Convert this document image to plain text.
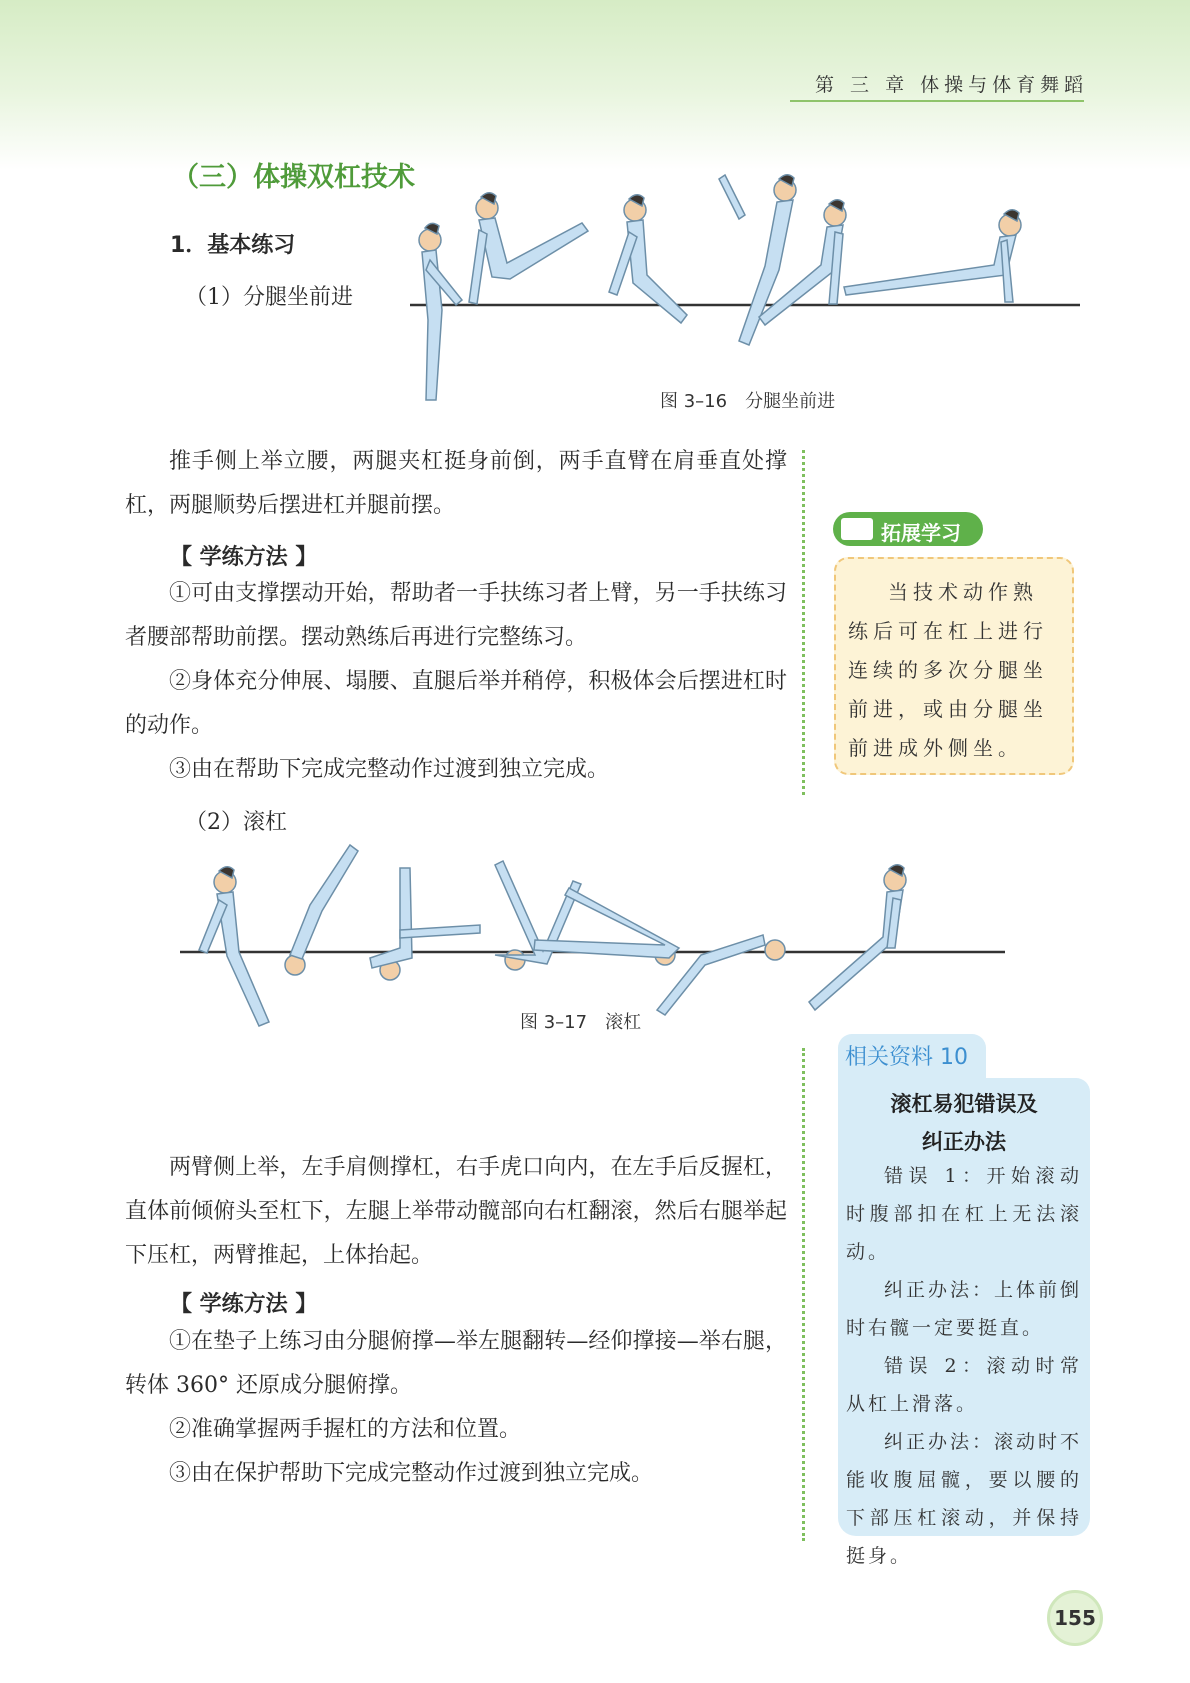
第 三 章 体操与体育舞蹈
（三）体操双杠技术
1．基本练习
（1）分腿坐前进
图 3–16　分腿坐前进

推手侧上举立腰，两腿夹杠挺身前倒，两手直臂在肩垂直处撑杠，两腿顺势后摆进杠并腿前摆。

【 学练方法 】

①可由支撑摆动开始，帮助者一手扶练习者上臂，另一手扶练习者腰部帮助前摆。摆动熟练后再进行完整练习。

②身体充分伸展、塌腰、直腿后举并稍停，积极体会后摆进杠时的动作。

③由在帮助下完成完整动作过渡到独立完成。

（2）滚杠
图 3–17　滚杠

两臂侧上举，左手肩侧撑杠，右手虎口向内，在左手后反握杠，直体前倾俯头至杠下，左腿上举带动髋部向右杠翻滚，然后右腿举起下压杠，两臂推起，上体抬起。

【 学练方法 】

①在垫子上练习由分腿俯撑—举左腿翻转—经仰撑接—举右腿，转体 360° 还原成分腿俯撑。

②准确掌握两手握杠的方法和位置。

③由在保护帮助下完成完整动作过渡到独立完成。

拓展学习
当技术动作熟练后可在杠上进行连续的多次分腿坐前进，或由分腿坐前进成外侧坐。
相关资料 10
滚杠易犯错误及
纠正办法

错误 1：开始滚动时腹部扣在杠上无法滚动。

纠正办法：上体前倒时右髋一定要挺直。

错误 2：滚动时常从杠上滑落。

纠正办法：滚动时不能收腹屈髋，要以腰的下部压杠滚动，并保持挺身。

155
